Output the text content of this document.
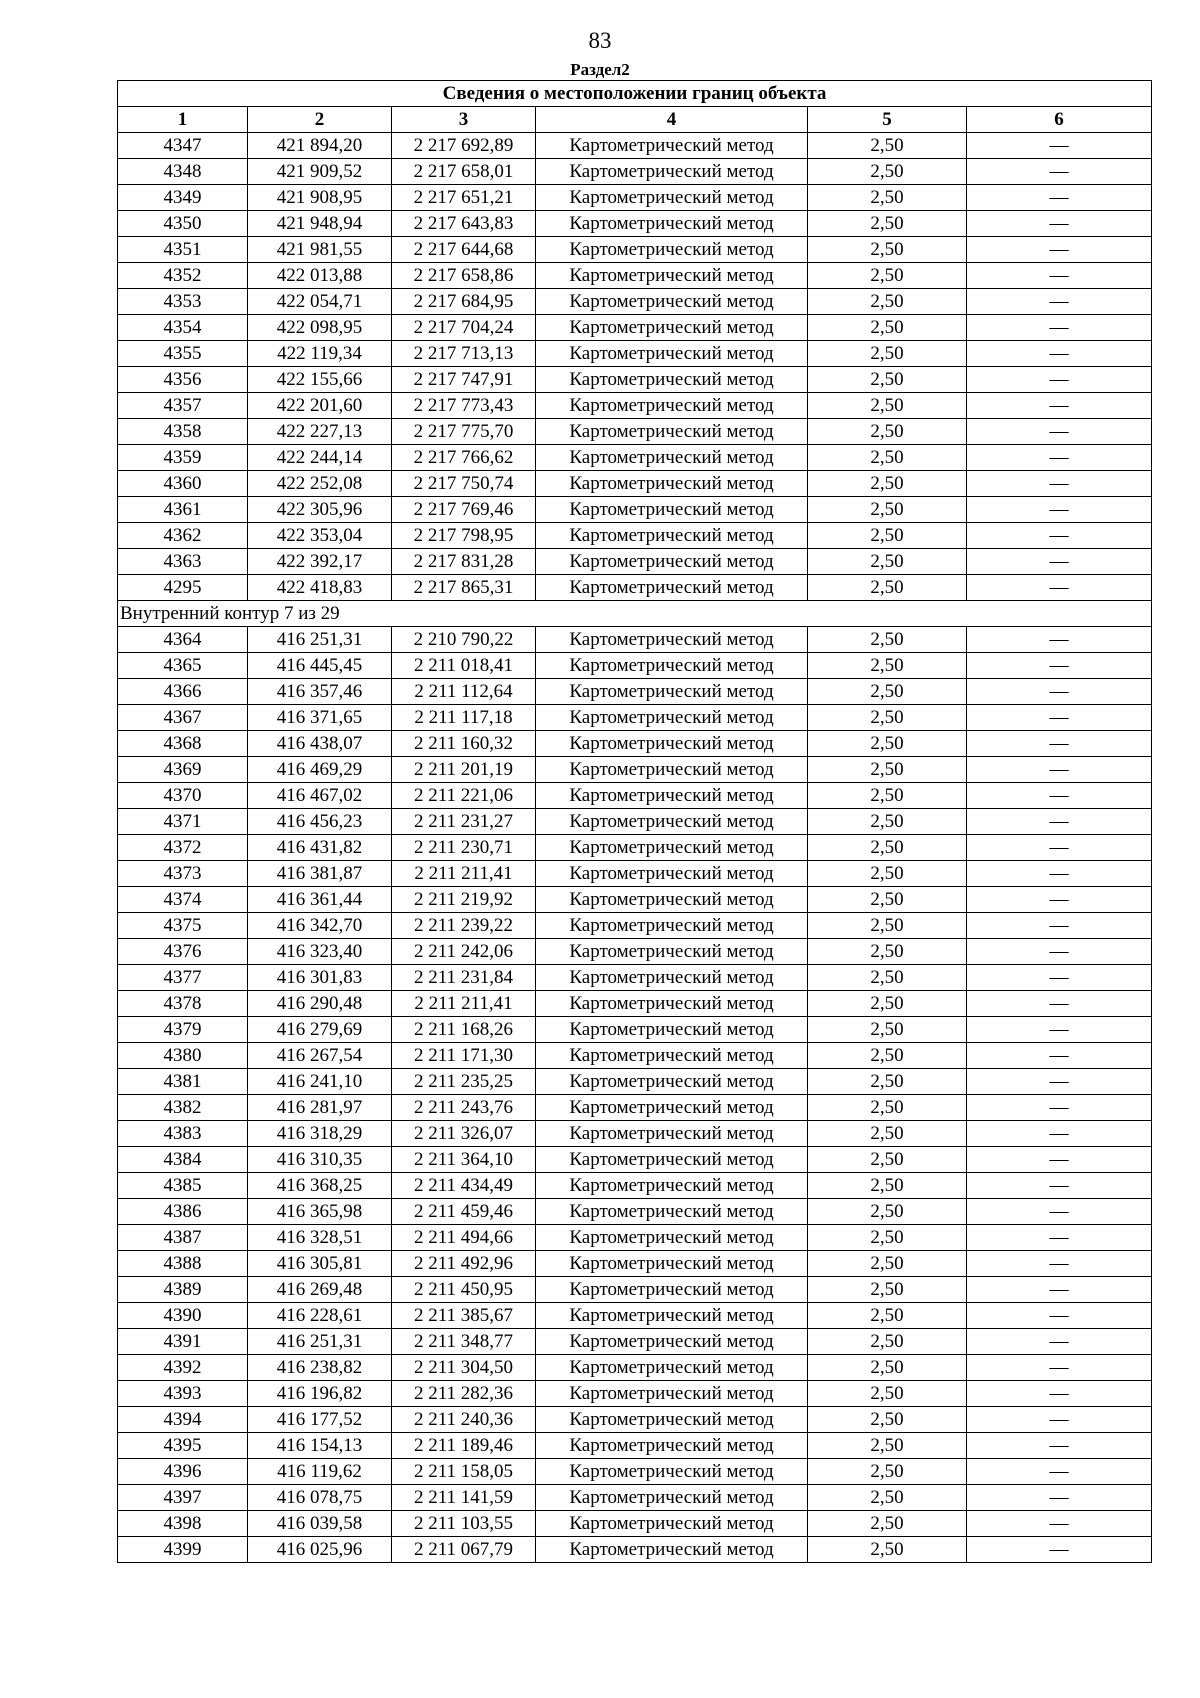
83
Раздел2
Сведения о местоположении границ объекта					
1	2	3	4	5	6
4347	421 894,20	2 217 692,89	Картометрический метод	2,50	—
4348	421 909,52	2 217 658,01	Картометрический метод	2,50	—
4349	421 908,95	2 217 651,21	Картометрический метод	2,50	—
4350	421 948,94	2 217 643,83	Картометрический метод	2,50	—
4351	421 981,55	2 217 644,68	Картометрический метод	2,50	—
4352	422 013,88	2 217 658,86	Картометрический метод	2,50	—
4353	422 054,71	2 217 684,95	Картометрический метод	2,50	—
4354	422 098,95	2 217 704,24	Картометрический метод	2,50	—
4355	422 119,34	2 217 713,13	Картометрический метод	2,50	—
4356	422 155,66	2 217 747,91	Картометрический метод	2,50	—
4357	422 201,60	2 217 773,43	Картометрический метод	2,50	—
4358	422 227,13	2 217 775,70	Картометрический метод	2,50	—
4359	422 244,14	2 217 766,62	Картометрический метод	2,50	—
4360	422 252,08	2 217 750,74	Картометрический метод	2,50	—
4361	422 305,96	2 217 769,46	Картометрический метод	2,50	—
4362	422 353,04	2 217 798,95	Картометрический метод	2,50	—
4363	422 392,17	2 217 831,28	Картометрический метод	2,50	—
4295	422 418,83	2 217 865,31	Картометрический метод	2,50	—
Внутренний контур 7 из 29					
4364	416 251,31	2 210 790,22	Картометрический метод	2,50	—
4365	416 445,45	2 211 018,41	Картометрический метод	2,50	—
4366	416 357,46	2 211 112,64	Картометрический метод	2,50	—
4367	416 371,65	2 211 117,18	Картометрический метод	2,50	—
4368	416 438,07	2 211 160,32	Картометрический метод	2,50	—
4369	416 469,29	2 211 201,19	Картометрический метод	2,50	—
4370	416 467,02	2 211 221,06	Картометрический метод	2,50	—
4371	416 456,23	2 211 231,27	Картометрический метод	2,50	—
4372	416 431,82	2 211 230,71	Картометрический метод	2,50	—
4373	416 381,87	2 211 211,41	Картометрический метод	2,50	—
4374	416 361,44	2 211 219,92	Картометрический метод	2,50	—
4375	416 342,70	2 211 239,22	Картометрический метод	2,50	—
4376	416 323,40	2 211 242,06	Картометрический метод	2,50	—
4377	416 301,83	2 211 231,84	Картометрический метод	2,50	—
4378	416 290,48	2 211 211,41	Картометрический метод	2,50	—
4379	416 279,69	2 211 168,26	Картометрический метод	2,50	—
4380	416 267,54	2 211 171,30	Картометрический метод	2,50	—
4381	416 241,10	2 211 235,25	Картометрический метод	2,50	—
4382	416 281,97	2 211 243,76	Картометрический метод	2,50	—
4383	416 318,29	2 211 326,07	Картометрический метод	2,50	—
4384	416 310,35	2 211 364,10	Картометрический метод	2,50	—
4385	416 368,25	2 211 434,49	Картометрический метод	2,50	—
4386	416 365,98	2 211 459,46	Картометрический метод	2,50	—
4387	416 328,51	2 211 494,66	Картометрический метод	2,50	—
4388	416 305,81	2 211 492,96	Картометрический метод	2,50	—
4389	416 269,48	2 211 450,95	Картометрический метод	2,50	—
4390	416 228,61	2 211 385,67	Картометрический метод	2,50	—
4391	416 251,31	2 211 348,77	Картометрический метод	2,50	—
4392	416 238,82	2 211 304,50	Картометрический метод	2,50	—
4393	416 196,82	2 211 282,36	Картометрический метод	2,50	—
4394	416 177,52	2 211 240,36	Картометрический метод	2,50	—
4395	416 154,13	2 211 189,46	Картометрический метод	2,50	—
4396	416 119,62	2 211 158,05	Картометрический метод	2,50	—
4397	416 078,75	2 211 141,59	Картометрический метод	2,50	—
4398	416 039,58	2 211 103,55	Картометрический метод	2,50	—
4399	416 025,96	2 211 067,79	Картометрический метод	2,50	—
